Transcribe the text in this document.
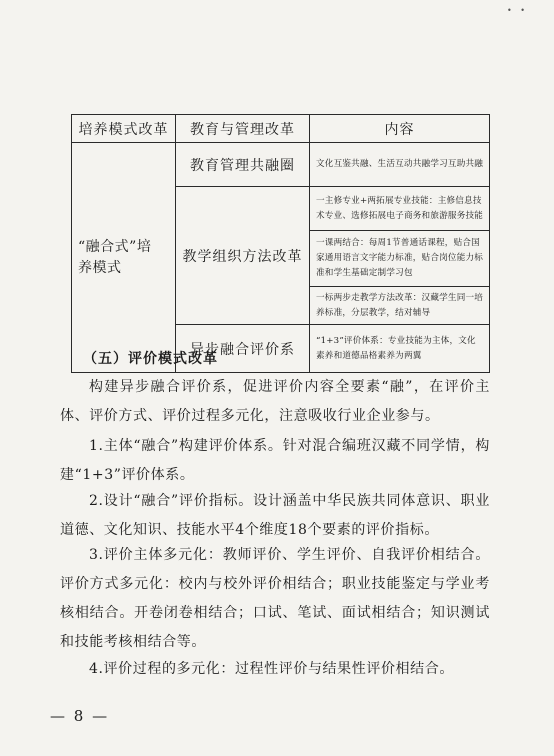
• •
培养模式改革	教育与管理改革	内容
“融合式”培养模式	教育管理共融圈	文化互鉴共融、生活互动共融学习互助共融
	教学组织方法改革	一主修专业+两拓展专业技能：主修信息技术专业、选修拓展电子商务和旅游服务技能
		一课两结合：每周1节普通话课程，贴合国家通用语言文字能力标准，贴合岗位能力标准和学生基础定制学习包
		一标两步走教学方法改革：汉藏学生同一培养标准，分层教学，结对辅导
	异步融合评价系	“1+3”评价体系：专业技能为主体，文化素养和道德品格素养为两翼
（五）评价模式改革
构建异步融合评价系，促进评价内容全要素“融”，在评价主体、评价方式、评价过程多元化，注意吸收行业企业参与。
1.主体“融合”构建评价体系。针对混合编班汉藏不同学情，构建“1+3”评价体系。
2.设计“融合”评价指标。设计涵盖中华民族共同体意识、职业道德、文化知识、技能水平4个维度18个要素的评价指标。
3.评价主体多元化：教师评价、学生评价、自我评价相结合。评价方式多元化：校内与校外评价相结合；职业技能鉴定与学业考核相结合。开卷闭卷相结合；口试、笔试、面试相结合；知识测试和技能考核相结合等。
4.评价过程的多元化：过程性评价与结果性评价相结合。
— 8 —
